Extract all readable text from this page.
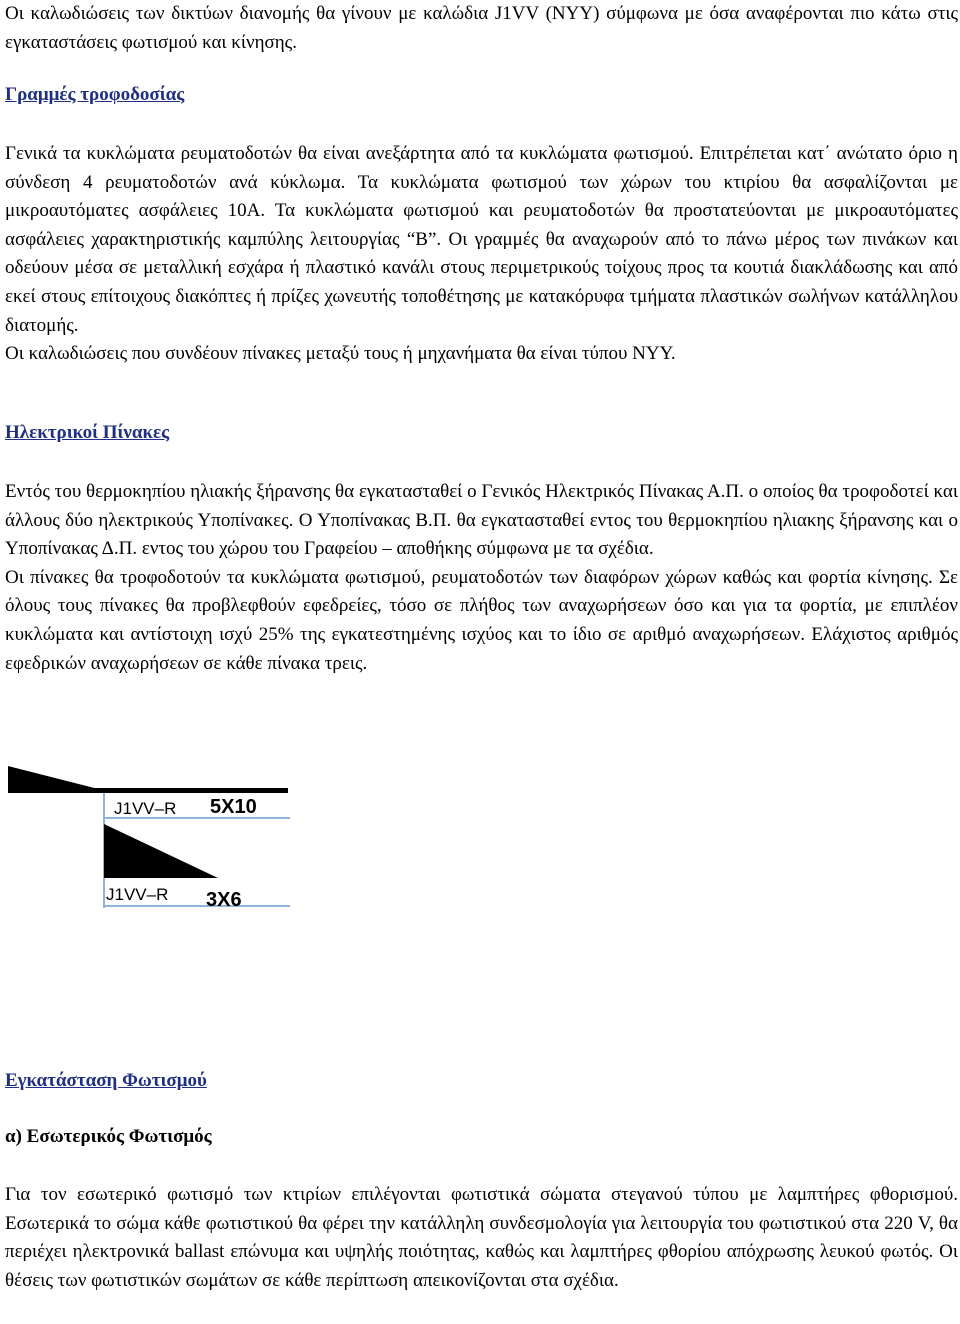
Οι καλωδιώσεις των δικτύων διανομής θα γίνουν με καλώδια J1VV (NYY) σύμφωνα με όσα αναφέρονται πιο κάτω στις εγκαταστάσεις φωτισμού και κίνησης.

Γραμμές τροφοδοσίας

Γενικά τα κυκλώματα ρευματοδοτών θα είναι ανεξάρτητα από τα κυκλώματα φωτισμού. Επιτρέπεται κατ΄ ανώτατο όριο η σύνδεση 4 ρευματοδοτών ανά κύκλωμα. Τα κυκλώματα φωτισμού των χώρων του κτιρίου θα ασφαλίζονται με μικροαυτόματες ασφάλειες 10Α. Τα κυκλώματα φωτισμού και ρευματοδοτών θα προστατεύονται με μικροαυτόματες ασφάλειες χαρακτηριστικής καμπύλης λειτουργίας “Β”. Οι γραμμές θα αναχωρούν από το πάνω μέρος των πινάκων και οδεύουν μέσα σε μεταλλική εσχάρα ή πλαστικό κανάλι στους περιμετρικούς τοίχους προς τα κουτιά διακλάδωσης και από εκεί στους επίτοιχους διακόπτες ή πρίζες χωνευτής τοποθέτησης με κατακόρυφα τμήματα πλαστικών σωλήνων κατάλληλου διατομής.

Οι καλωδιώσεις που συνδέουν πίνακες μεταξύ τους ή μηχανήματα θα είναι τύπου NYY.

Ηλεκτρικοί Πίνακες

Εντός του θερμοκηπίου ηλιακής ξήρανσης θα εγκατασταθεί ο Γενικός Ηλεκτρικός Πίνακας Α.Π. ο οποίος θα τροφοδοτεί και άλλους δύο ηλεκτρικούς Υποπίνακες. Ο Υποπίνακας Β.Π. θα εγκατασταθεί εντος του θερμοκηπίου ηλιακης ξήρανσης και ο Υποπίνακας Δ.Π. εντος του χώρου του Γραφείου – αποθήκης σύμφωνα με τα σχέδια.

Οι πίνακες θα τροφοδοτούν τα κυκλώματα φωτισμού, ρευματοδοτών των διαφόρων χώρων καθώς και φορτία κίνησης. Σε όλους τους πίνακες θα προβλεφθούν εφεδρείες, τόσο σε πλήθος των αναχωρήσεων όσο και για τα φορτία, με επιπλέον κυκλώματα και αντίστοιχη ισχύ 25% της εγκατεστημένης ισχύος και το ίδιο σε αριθμό αναχωρήσεων. Ελάχιστος αριθμός εφεδρικών αναχωρήσεων σε κάθε πίνακα τρεις.

J1VV–R 5X10
J1VV–R 3X6
Εγκατάσταση Φωτισμού
α) Εσωτερικός Φωτισμός

Για τον εσωτερικό φωτισμό των κτιρίων επιλέγονται φωτιστικά σώματα στεγανού τύπου με λαμπτήρες φθορισμού. Εσωτερικά το σώμα κάθε φωτιστικού θα φέρει την κατάλληλη συνδεσμολογία για λειτουργία του φωτιστικού στα 220 V, θα περιέχει ηλεκτρονικά ballast επώνυμα και υψηλής ποιότητας, καθώς και λαμπτήρες φθορίου απόχρωσης λευκού φωτός. Οι θέσεις των φωτιστικών σωμάτων σε κάθε περίπτωση απεικονίζονται στα σχέδια.
